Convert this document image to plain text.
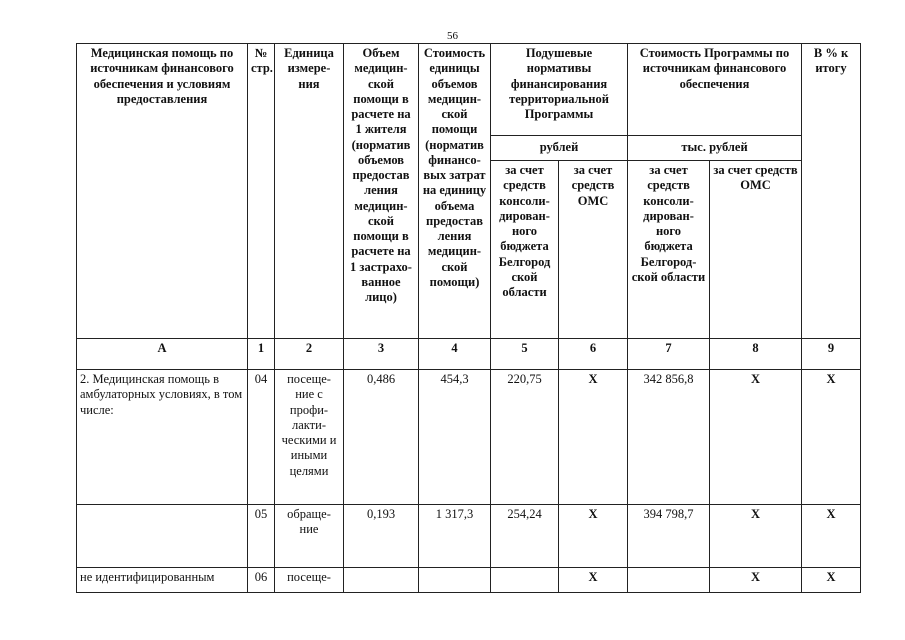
56
Медицинская помощь по источникам финансового обеспечения и условиям предоставления	№ стр.	Единица измере-ния	Объем медицин-ской помощи в расчете на 1 жителя (норматив объемов предостав ления медицин-ской помощи в расчете на 1 застрахо-ванное лицо)	Стоимость единицы объемов медицин-ской помощи (норматив финансо-вых затрат на единицу объема предостав ления медицин-ской помощи)	Подушевые нормативы финансирования территориальной Программы		Стоимость Программы по источникам финансового обеспечения		В % к итогу
					рублей		тыс. рублей		
					за счет средств консоли-дирован-ного бюджета Белгород ской области	за счет средств ОМС	за счет средств консоли-дирован-ного бюджета Белгород-ской области	за счет средств ОМС	
А	1	2	3	4	5	6	7	8	9
2. Медицинская помощь в амбулаторных условиях, в том числе:	04	посеще-ние с профи-лакти-ческими и иными целями	0,486	454,3	220,75	Х	342 856,8	Х	Х
	05	обраще-ние	0,193	1 317,3	254,24	Х	394 798,7	Х	Х
не идентифицированным	06	посеще-				Х		Х	Х
